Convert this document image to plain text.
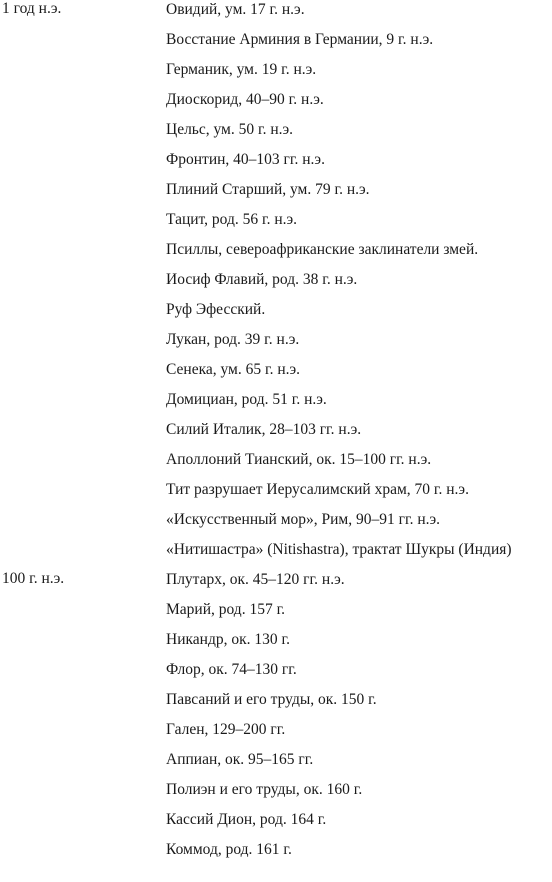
1 год н.э.	Овидий, ум. 17 г. н.э.
Восстание Арминия в Германии, 9 г. н.э.
Германик, ум. 19 г. н.э.
Диоскорид, 40–90 г. н.э.
Цельс, ум. 50 г. н.э.
Фронтин, 40–103 гг. н.э.
Плиний Старший, ум. 79 г. н.э.
Тацит, род. 56 г. н.э.
Псиллы, североафриканские заклинатели змей.
Иосиф Флавий, род. 38 г. н.э.
Руф Эфесский.
Лукан, род. 39 г. н.э.
Сенека, ум. 65 г. н.э.
Домициан, род. 51 г. н.э.
Силий Италик, 28–103 гг. н.э.
Аполлоний Тианский, ок. 15–100 гг. н.э.
Тит разрушает Иерусалимский храм, 70 г. н.э.
«Искусственный мор», Рим, 90–91 гг. н.э.
«Нитишастра» (Nitishastra), трактат Шукры (Индия)
100 г. н.э.	Плутарх, ок. 45–120 гг. н.э.
Марий, род. 157 г.
Никандр, ок. 130 г.
Флор, ок. 74–130 гг.
Павсаний и его труды, ок. 150 г.
Гален, 129–200 гг.
Аппиан, ок. 95–165 гг.
Полиэн и его труды, ок. 160 г.
Кассий Дион, род. 164 г.
Коммод, род. 161 г.
